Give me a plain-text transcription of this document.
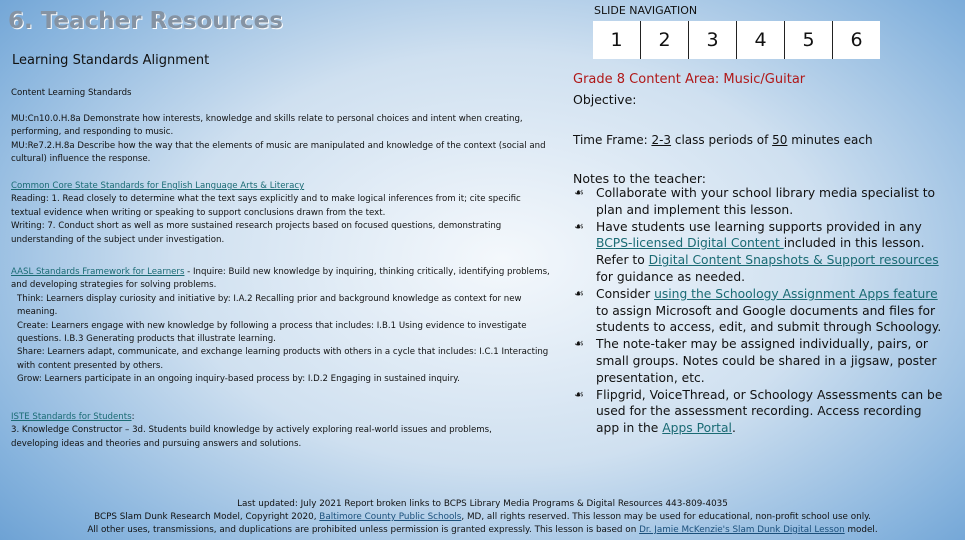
6. Teacher Resources
Learning Standards Alignment
Content Learning Standards
MU:Cn10.0.H.8a Demonstrate how interests, knowledge and skills relate to personal choices and intent when creating, performing, and responding to music.
MU:Re7.2.H.8a Describe how the way that the elements of music are manipulated and knowledge of the context (social and cultural) influence the response.
Common Core State Standards for English Language Arts & Literacy
Reading: 1. Read closely to determine what the text says explicitly and to make logical inferences from it; cite specific textual evidence when writing or speaking to support conclusions drawn from the text.
Writing: 7. Conduct short as well as more sustained research projects based on focused questions, demonstrating understanding of the subject under investigation.
AASL Standards Framework for Learners - Inquire: Build new knowledge by inquiring, thinking critically, identifying problems, and developing strategies for solving problems.
Think: Learners display curiosity and initiative by: I.A.2 Recalling prior and background knowledge as context for new meaning.
Create: Learners engage with new knowledge by following a process that includes: I.B.1 Using evidence to investigate questions. I.B.3 Generating products that illustrate learning.
Share: Learners adapt, communicate, and exchange learning products with others in a cycle that includes: I.C.1 Interacting with content presented by others.
Grow: Learners participate in an ongoing inquiry-based process by: I.D.2 Engaging in sustained inquiry.
ISTE Standards for Students:
3. Knowledge Constructor – 3d. Students build knowledge by actively exploring real-world issues and problems, developing ideas and theories and pursuing answers and solutions.
SLIDE NAVIGATION
1	2	3	4	5	6
Grade 8 Content Area: Music/Guitar
Objective:
Time Frame: 2-3 class periods of 50 minutes each
Notes to the teacher:
☙ Collaborate with your school library media specialist to plan and implement this lesson.
☙ Have students use learning supports provided in any BCPS-licensed Digital Content included in this lesson. Refer to Digital Content Snapshots & Support resources for guidance as needed.
☙ Consider using the Schoology Assignment Apps feature to assign Microsoft and Google documents and files for students to access, edit, and submit through Schoology.
☙ The note-taker may be assigned individually, pairs, or small groups. Notes could be shared in a jigsaw, poster presentation, etc.
☙ Flipgrid, VoiceThread, or Schoology Assessments can be used for the assessment recording. Access recording app in the Apps Portal.
Last updated: July 2021 Report broken links to BCPS Library Media Programs & Digital Resources 443-809-4035
BCPS Slam Dunk Research Model, Copyright 2020, Baltimore County Public Schools, MD, all rights reserved. This lesson may be used for educational, non-profit school use only.
All other uses, transmissions, and duplications are prohibited unless permission is granted expressly. This lesson is based on Dr. Jamie McKenzie's Slam Dunk Digital Lesson model.
